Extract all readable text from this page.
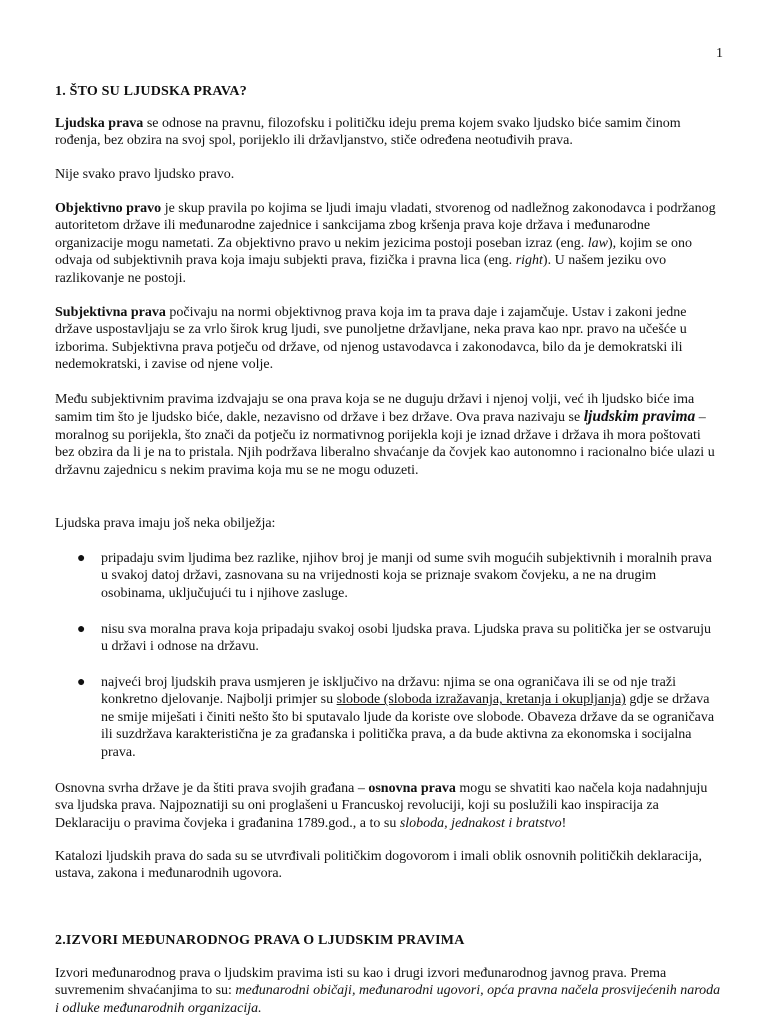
1
1. ŠTO SU LJUDSKA PRAVA?

Ljudska prava se odnose na pravnu, filozofsku i političku ideju prema kojem svako ljudsko biće samim činom rođenja, bez obzira na svoj spol, porijeklo ili državljanstvo, stiče određena neotuđivih prava.

Nije svako pravo ljudsko pravo.

Objektivno pravo je skup pravila po kojima se ljudi imaju vladati, stvorenog od nadležnog zakonodavca i podržanog autoritetom države ili međunarodne zajednice i sankcijama zbog kršenja prava koje država i međunarodne organizacije mogu nametati. Za objektivno pravo u nekim jezicima postoji poseban izraz (eng. law), kojim se ono odvaja od subjektivnih prava koja imaju subjekti prava, fizička i pravna lica (eng. right). U našem jeziku ovo razlikovanje ne postoji.

Subjektivna prava počivaju na normi objektivnog prava koja im ta prava daje i zajamčuje. Ustav i zakoni jedne države uspostavljaju se za vrlo širok krug ljudi, sve punoljetne državljane, neka prava kao npr. pravo na učešće u izborima. Subjektivna prava potječu od države, od njenog ustavodavca i zakonodavca, bilo da je demokratski ili nedemokratski, i zavise od njene volje.

Među subjektivnim pravima izdvajaju se ona prava koja se ne duguju državi i njenoj volji, već ih ljudsko biće ima samim tim što je ljudsko biće, dakle, nezavisno od države i bez države. Ova prava nazivaju se ljudskim pravima – moralnog su porijekla, što znači da potječu iz normativnog porijekla koji je iznad države i država ih mora poštovati bez obzira da li je na to pristala. Njih podržava liberalno shvaćanje da čovjek kao autonomno i racionalno biće ulazi u državnu zajednicu s nekim pravima koja mu se ne mogu oduzeti.

Ljudska prava imaju još neka obilježja:

● pripadaju svim ljudima bez razlike, njihov broj je manji od sume svih mogućih subjektivnih i moralnih prava u svakoj datoj državi, zasnovana su na vrijednosti koja se priznaje svakom čovjeku, a ne na drugim osobinama, uključujući tu i njihove zasluge.
● nisu sva moralna prava koja pripadaju svakoj osobi ljudska prava. Ljudska prava su politička jer se ostvaruju u državi i odnose na državu.
● najveći broj ljudskih prava usmjeren je isključivo na državu: njima se ona ograničava ili se od nje traži konkretno djelovanje. Najbolji primjer su slobode (sloboda izražavanja, kretanja i okupljanja) gdje se država ne smije miješati i činiti nešto što bi sputavalo ljude da koriste ove slobode. Obaveza države da se ograničava ili suzdržava karakteristična je za građanska i politička prava, a da bude aktivna za ekonomska i socijalna prava.

Osnovna svrha države je da štiti prava svojih građana – osnovna prava mogu se shvatiti kao načela koja nadahnjuju sva ljudska prava. Najpoznatiji su oni proglašeni u Francuskoj revoluciji, koji su poslužili kao inspiracija za Deklaraciju o pravima čovjeka i građanina 1789.god., a to su sloboda, jednakost i bratstvo!

Katalozi ljudskih prava do sada su se utvrđivali političkim dogovorom i imali oblik osnovnih političkih deklaracija, ustava, zakona i međunarodnih ugovora.

2.IZVORI MEĐUNARODNOG PRAVA O LJUDSKIM PRAVIMA

Izvori međunarodnog prava o ljudskim pravima isti su kao i drugi izvori međunarodnog javnog prava. Prema suvremenim shvaćanjima to su: međunarodni običaji, međunarodni ugovori, opća pravna načela prosvijećenih naroda i odluke međunarodnih organizacija.
